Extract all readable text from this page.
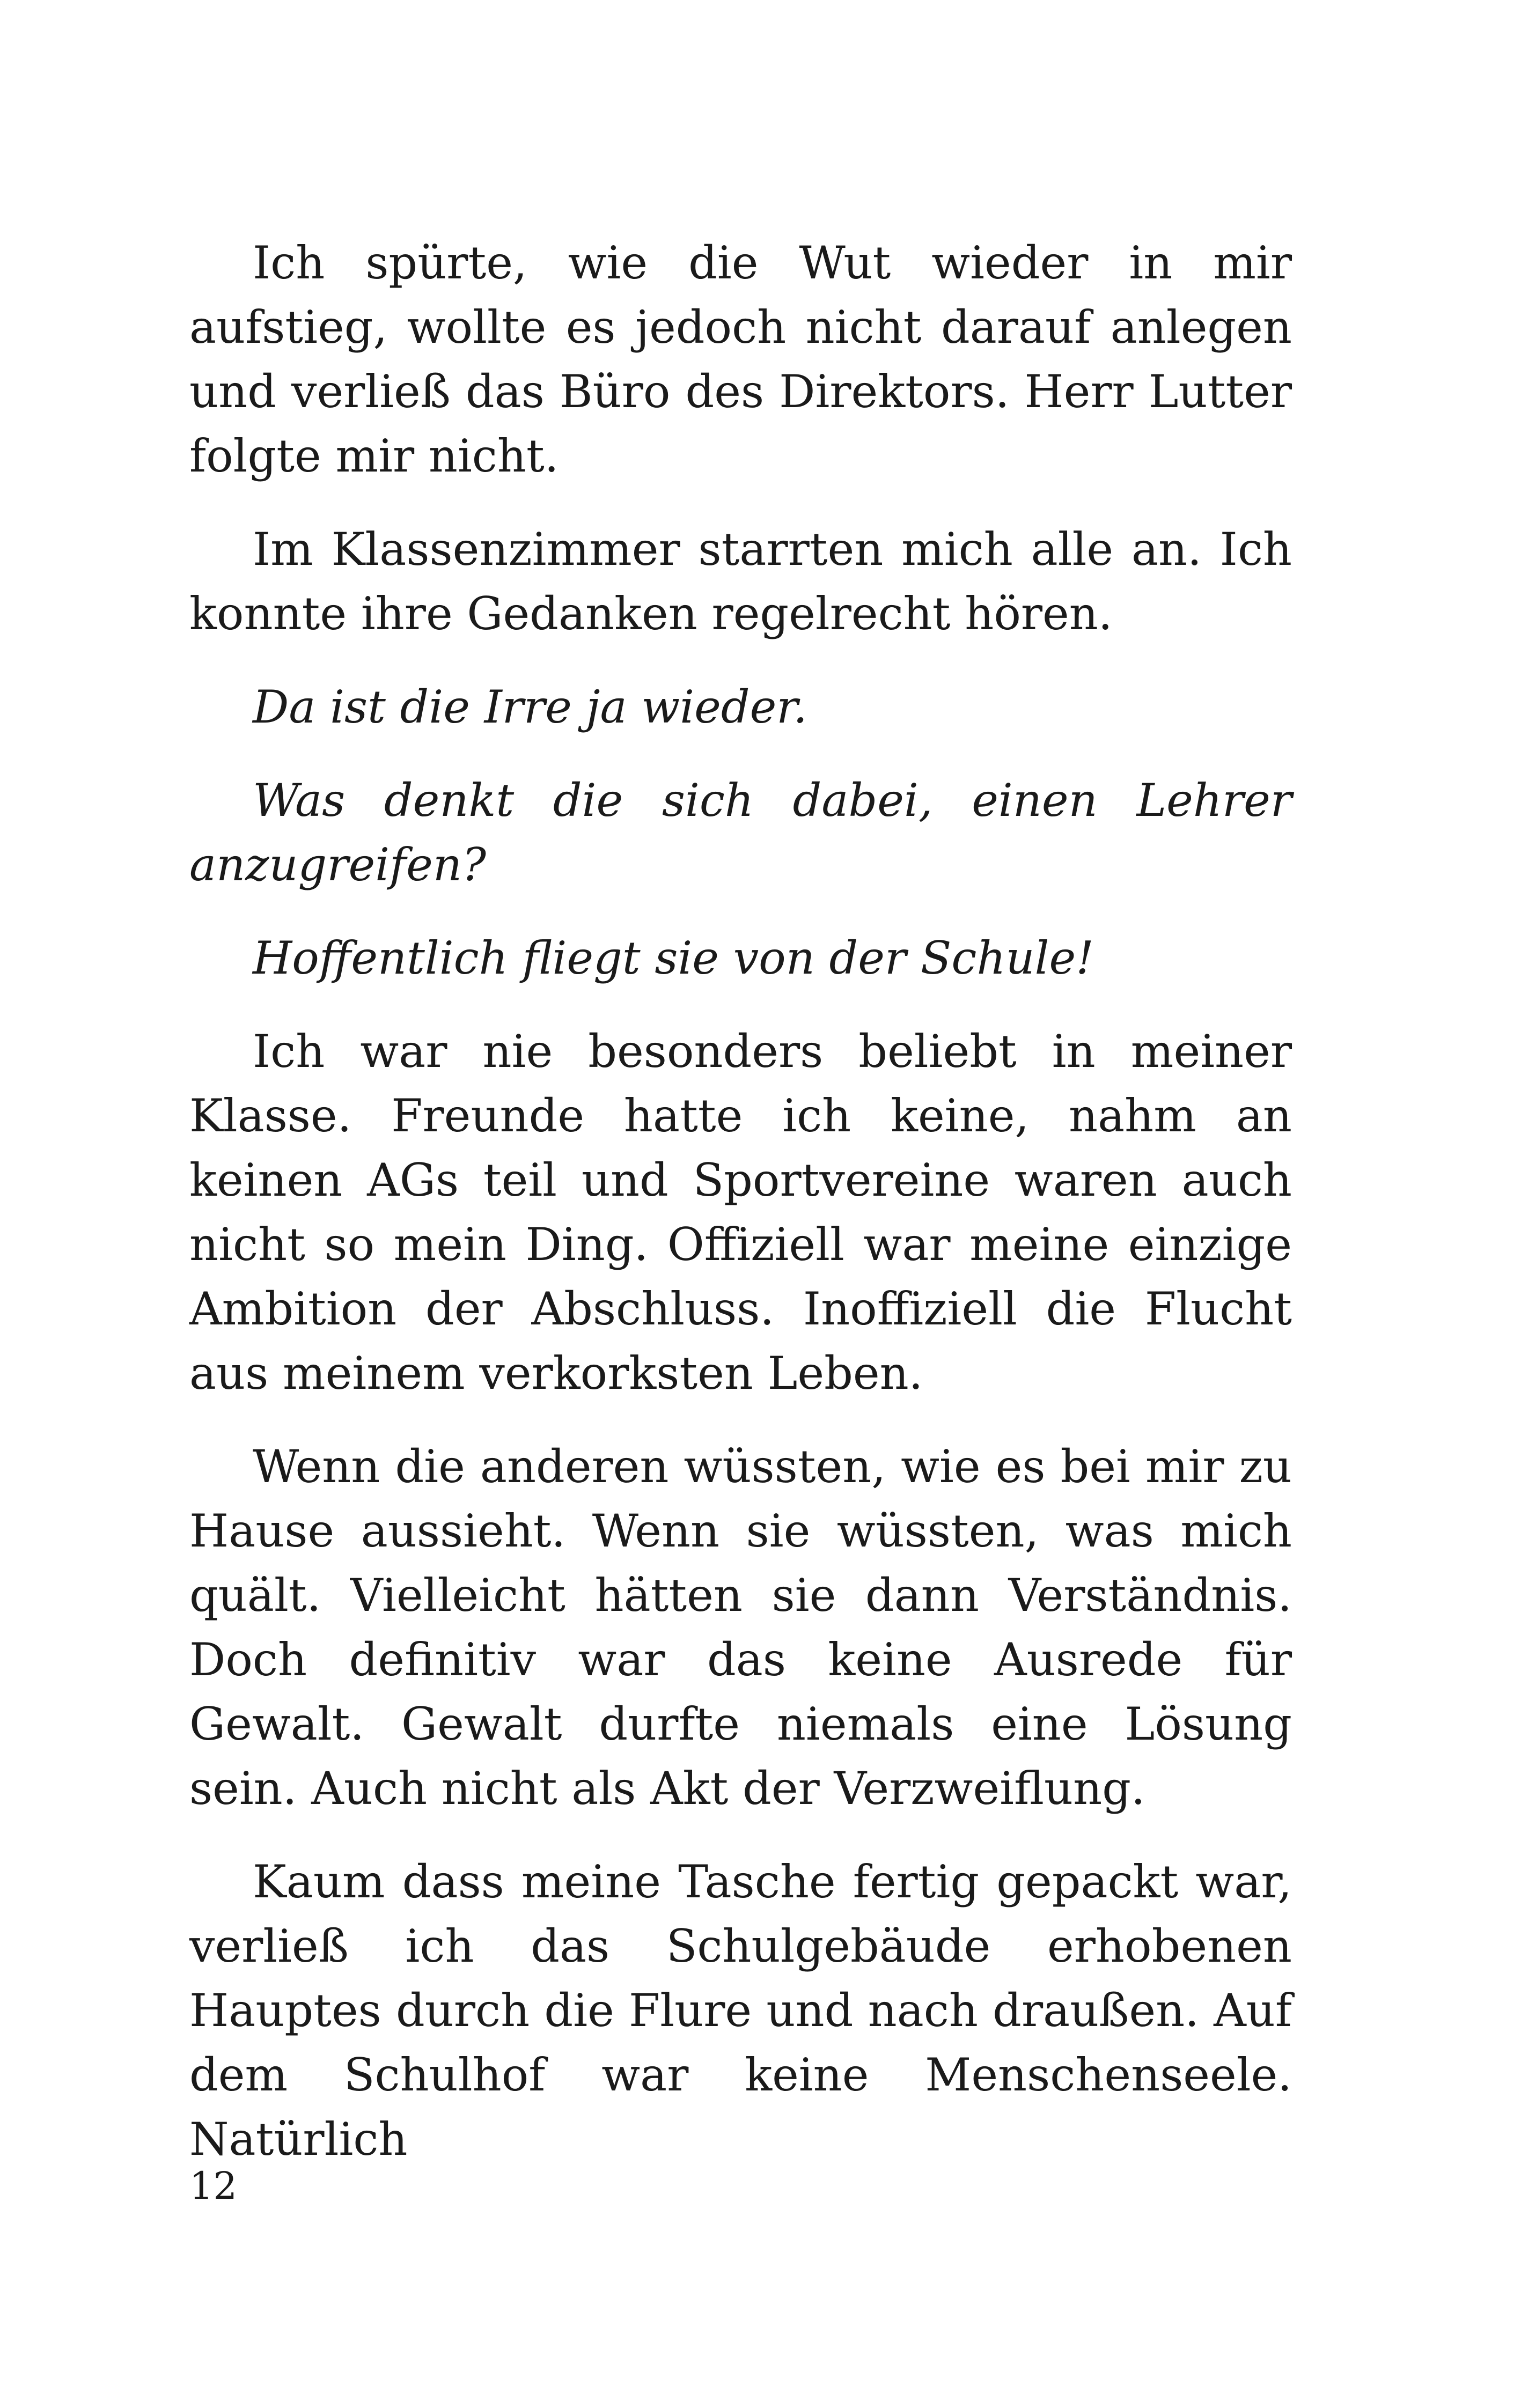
Ich spürte, wie die Wut wieder in mir aufstieg, wollte es jedoch nicht darauf anlegen und verließ das Büro des Direktors. Herr Lutter folgte mir nicht.

Im Klassenzimmer starrten mich alle an. Ich konnte ihre Gedanken regelrecht hören.

Da ist die Irre ja wieder.

Was denkt die sich dabei, einen Lehrer anzugreifen?

Hoffentlich fliegt sie von der Schule!

Ich war nie besonders beliebt in meiner Klasse. Freunde hatte ich keine, nahm an keinen AGs teil und Sportvereine waren auch nicht so mein Ding. Offiziell war meine einzige Ambition der Abschluss. Inoffiziell die Flucht aus meinem verkorksten Leben.

Wenn die anderen wüssten, wie es bei mir zu Hause aussieht. Wenn sie wüssten, was mich quält. Vielleicht hätten sie dann Verständnis. Doch definitiv war das keine Ausrede für Gewalt. Gewalt durfte niemals eine Lösung sein. Auch nicht als Akt der Verzweiflung.

Kaum dass meine Tasche fertig gepackt war, verließ ich das Schulgebäude erhobenen Hauptes durch die Flure und nach draußen. Auf dem Schulhof war keine Menschenseele. Natürlich

12
